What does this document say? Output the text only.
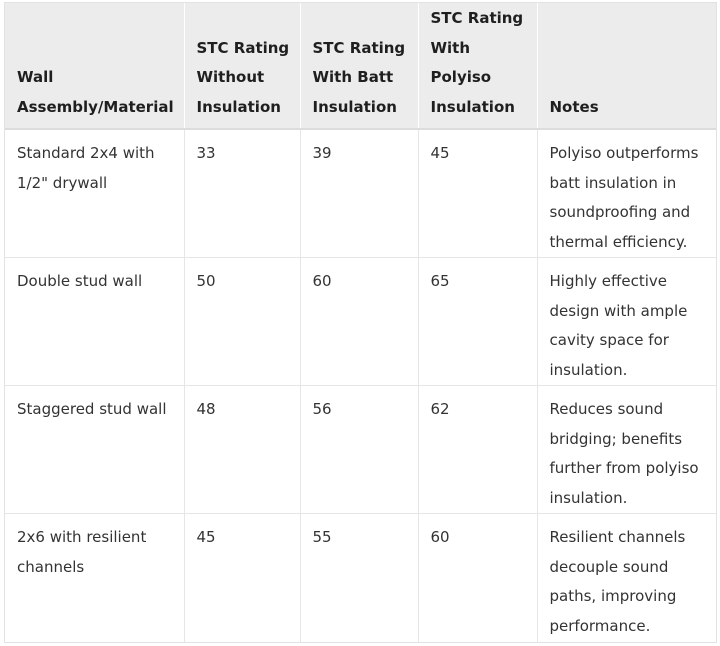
Wall Assembly/Material	STC Rating Without Insulation	STC Rating With Batt Insulation	STC Rating With Polyiso Insulation	Notes
Standard 2x4 with 1/2" drywall	33	39	45	Polyiso outperforms batt insulation in soundproofing and thermal efficiency.
Double stud wall	50	60	65	Highly effective design with ample cavity space for insulation.
Staggered stud wall	48	56	62	Reduces sound bridging; benefits further from polyiso insulation.
2x6 with resilient channels	45	55	60	Resilient channels decouple sound paths, improving performance.
